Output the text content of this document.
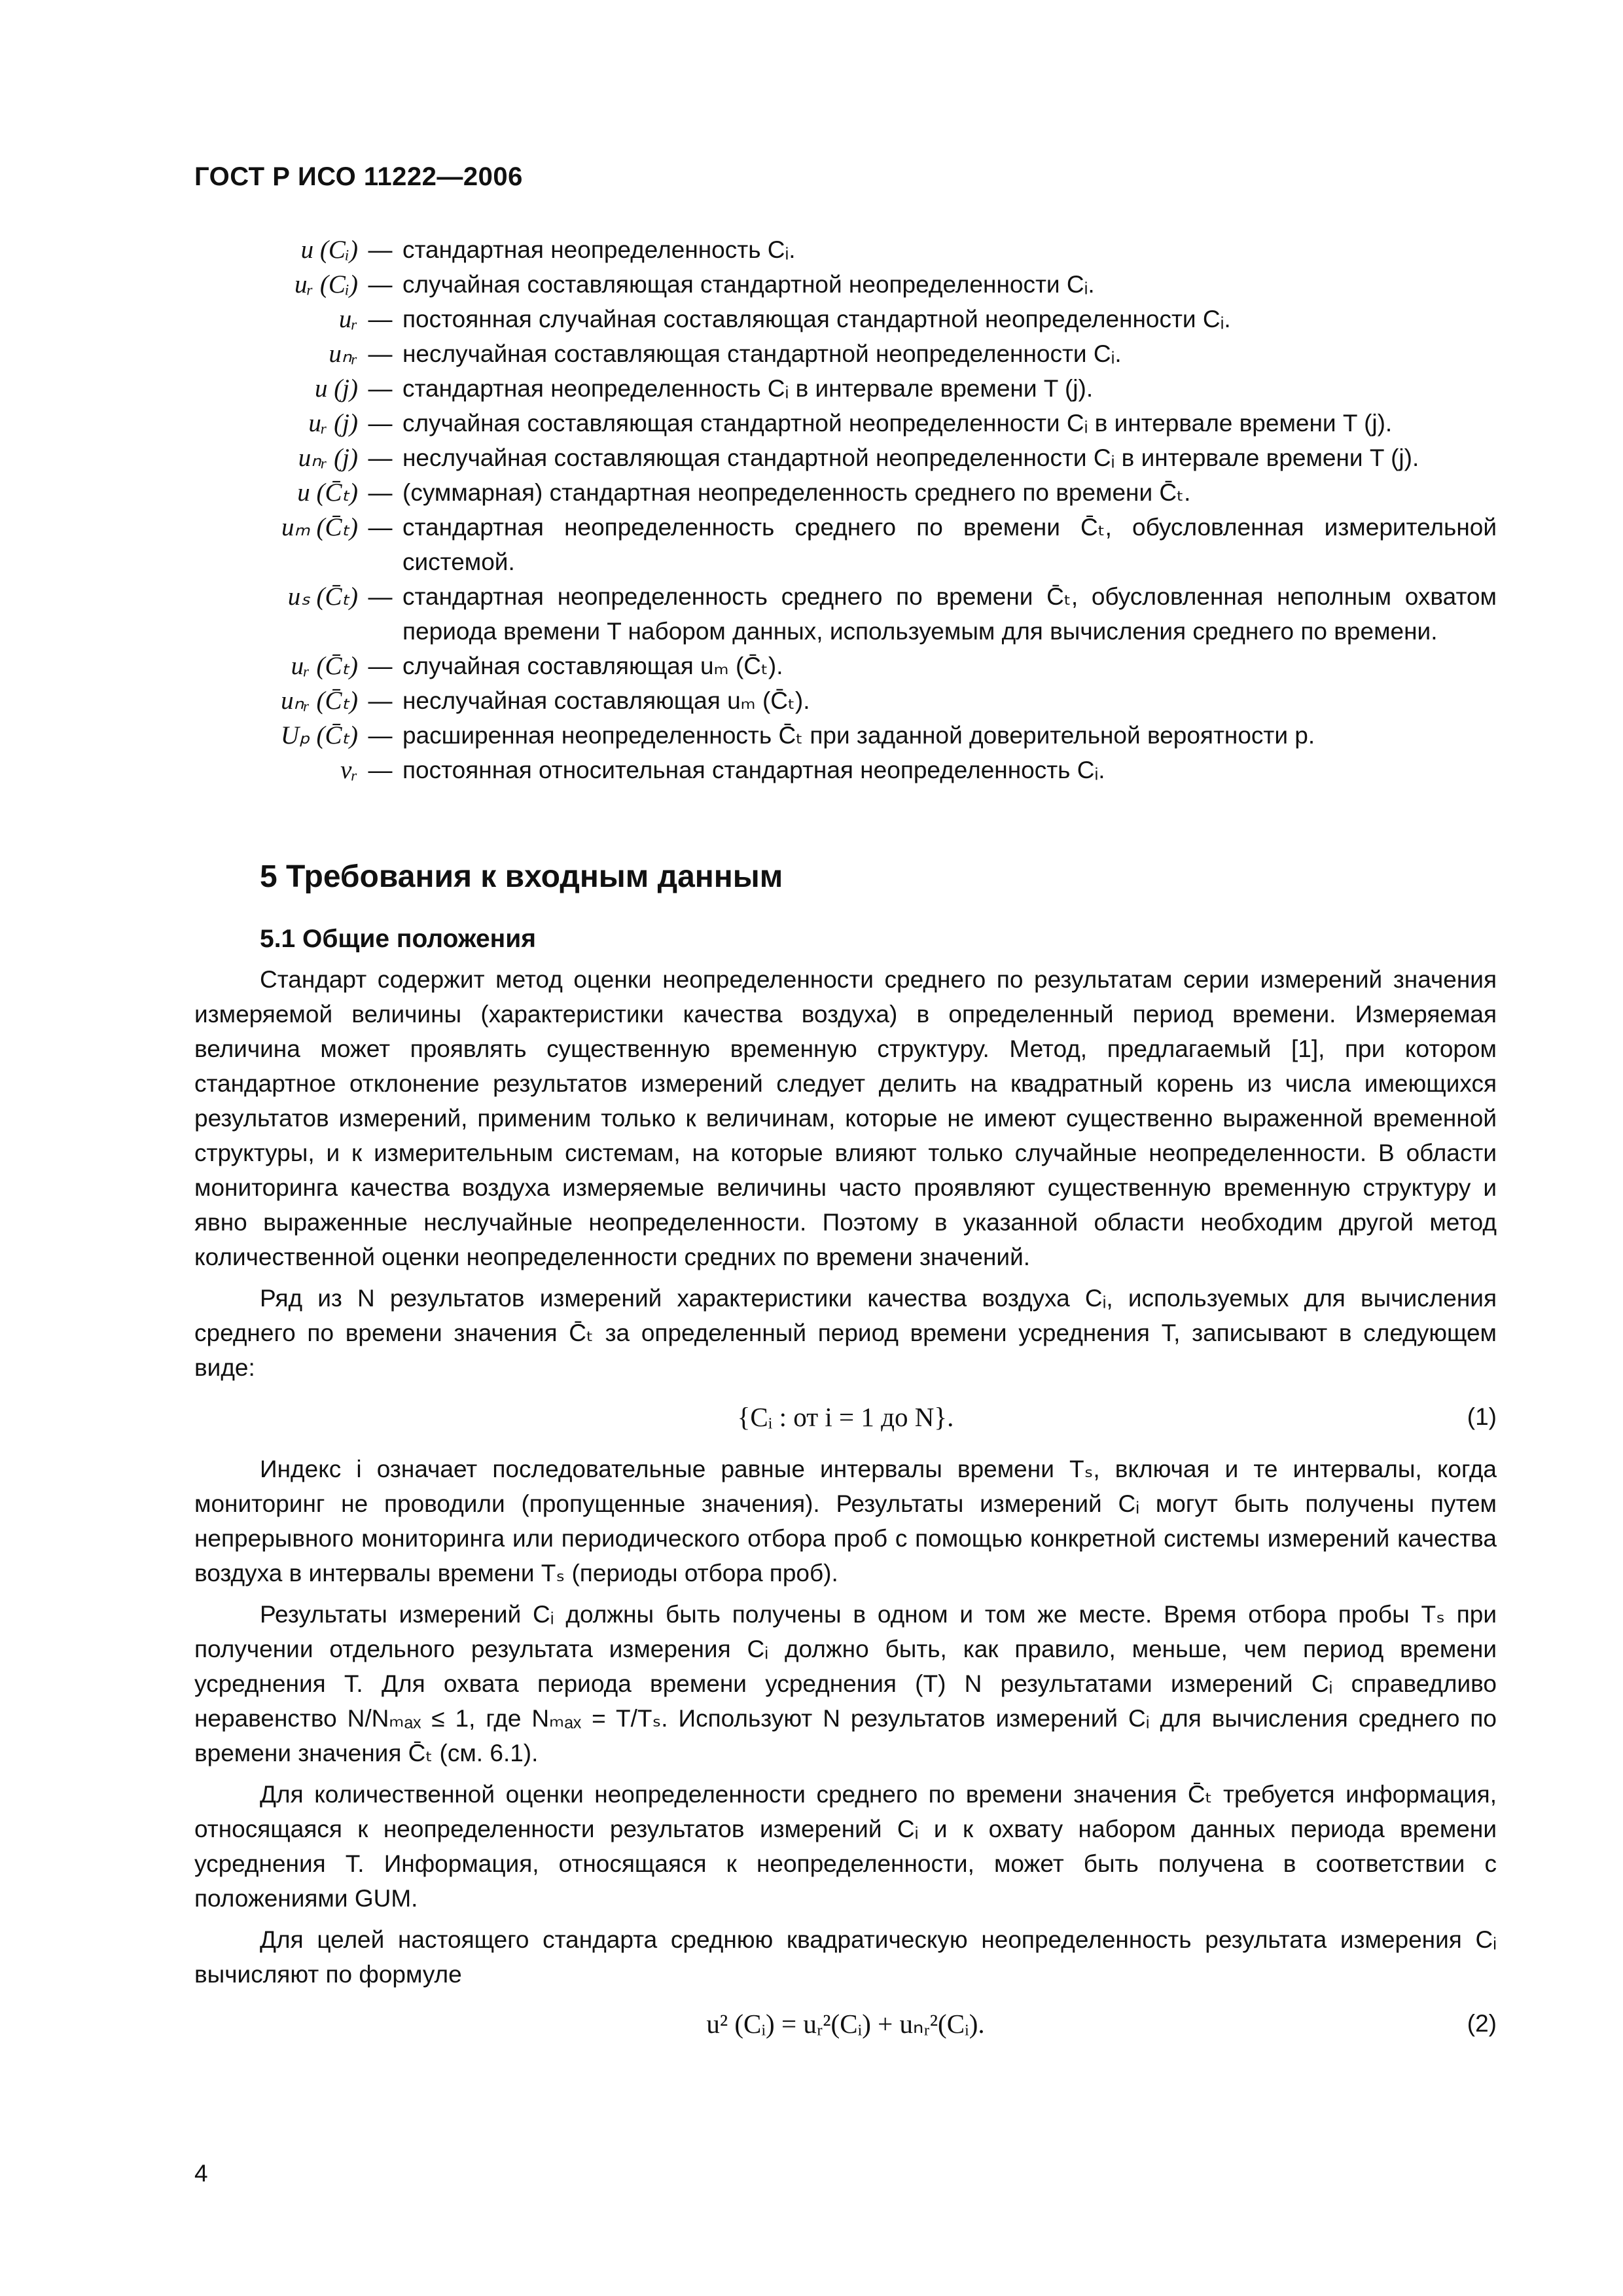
ГОСТ Р ИСО 11222—2006
u (Cᵢ) — стандартная неопределенность Cᵢ.
uᵣ (Cᵢ) — случайная составляющая стандартной неопределенности Cᵢ.
uᵣ — постоянная случайная составляющая стандартной неопределенности Cᵢ.
uₙᵣ — неслучайная составляющая стандартной неопределенности Cᵢ.
u (j) — стандартная неопределенность Cᵢ в интервале времени T (j).
uᵣ (j) — случайная составляющая стандартной неопределенности Cᵢ в интервале времени T (j).
uₙᵣ (j) — неслучайная составляющая стандартной неопределенности Cᵢ в интервале времени T (j).
u (C̄ₜ) — (суммарная) стандартная неопределенность среднего по времени C̄ₜ.
uₘ (C̄ₜ) — стандартная неопределенность среднего по времени C̄ₜ, обусловленная измерительной системой.
uₛ (C̄ₜ) — стандартная неопределенность среднего по времени C̄ₜ, обусловленная неполным охватом периода времени T набором данных, используемым для вычисления среднего по времени.
uᵣ (C̄ₜ) — случайная составляющая uₘ (C̄ₜ).
uₙᵣ (C̄ₜ) — неслучайная составляющая uₘ (C̄ₜ).
Uₚ (C̄ₜ) — расширенная неопределенность C̄ₜ при заданной доверительной вероятности p.
vᵣ — постоянная относительная стандартная неопределенность Cᵢ.
5 Требования к входным данным
5.1 Общие положения

Стандарт содержит метод оценки неопределенности среднего по результатам серии измерений значения измеряемой величины (характеристики качества воздуха) в определенный период времени. Измеряемая величина может проявлять существенную временную структуру. Метод, предлагаемый [1], при котором стандартное отклонение результатов измерений следует делить на квадратный корень из числа имеющихся результатов измерений, применим только к величинам, которые не имеют существенно выраженной временной структуры, и к измерительным системам, на которые влияют только случайные неопределенности. В области мониторинга качества воздуха измеряемые величины часто проявляют существенную временную структуру и явно выраженные неслучайные неопределенности. Поэтому в указанной области необходим другой метод количественной оценки неопределенности средних по времени значений.

Ряд из N результатов измерений характеристики качества воздуха Cᵢ, используемых для вычисления среднего по времени значения C̄ₜ за определенный период времени усреднения T, записывают в следующем виде:

{Cᵢ : от i = 1 до N}.	(1)

Индекс i означает последовательные равные интервалы времени Tₛ, включая и те интервалы, когда мониторинг не проводили (пропущенные значения). Результаты измерений Cᵢ могут быть получены путем непрерывного мониторинга или периодического отбора проб с помощью конкретной системы измерений качества воздуха в интервалы времени Tₛ (периоды отбора проб).

Результаты измерений Cᵢ должны быть получены в одном и том же месте. Время отбора пробы Tₛ при получении отдельного результата измерения Cᵢ должно быть, как правило, меньше, чем период времени усреднения T. Для охвата периода времени усреднения (T) N результатами измерений Cᵢ справедливо неравенство N/Nₘₐₓ ≤ 1, где Nₘₐₓ = T/Tₛ. Используют N результатов измерений Cᵢ для вычисления среднего по времени значения C̄ₜ (см. 6.1).

Для количественной оценки неопределенности среднего по времени значения C̄ₜ требуется информация, относящаяся к неопределенности результатов измерений Cᵢ и к охвату набором данных периода времени усреднения T. Информация, относящаяся к неопределенности, может быть получена в соответствии с положениями GUM.

Для целей настоящего стандарта среднюю квадратическую неопределенность результата измерения Cᵢ вычисляют по формуле

u² (Cᵢ) = uᵣ²(Cᵢ) + uₙᵣ²(Cᵢ).	(2)
4
